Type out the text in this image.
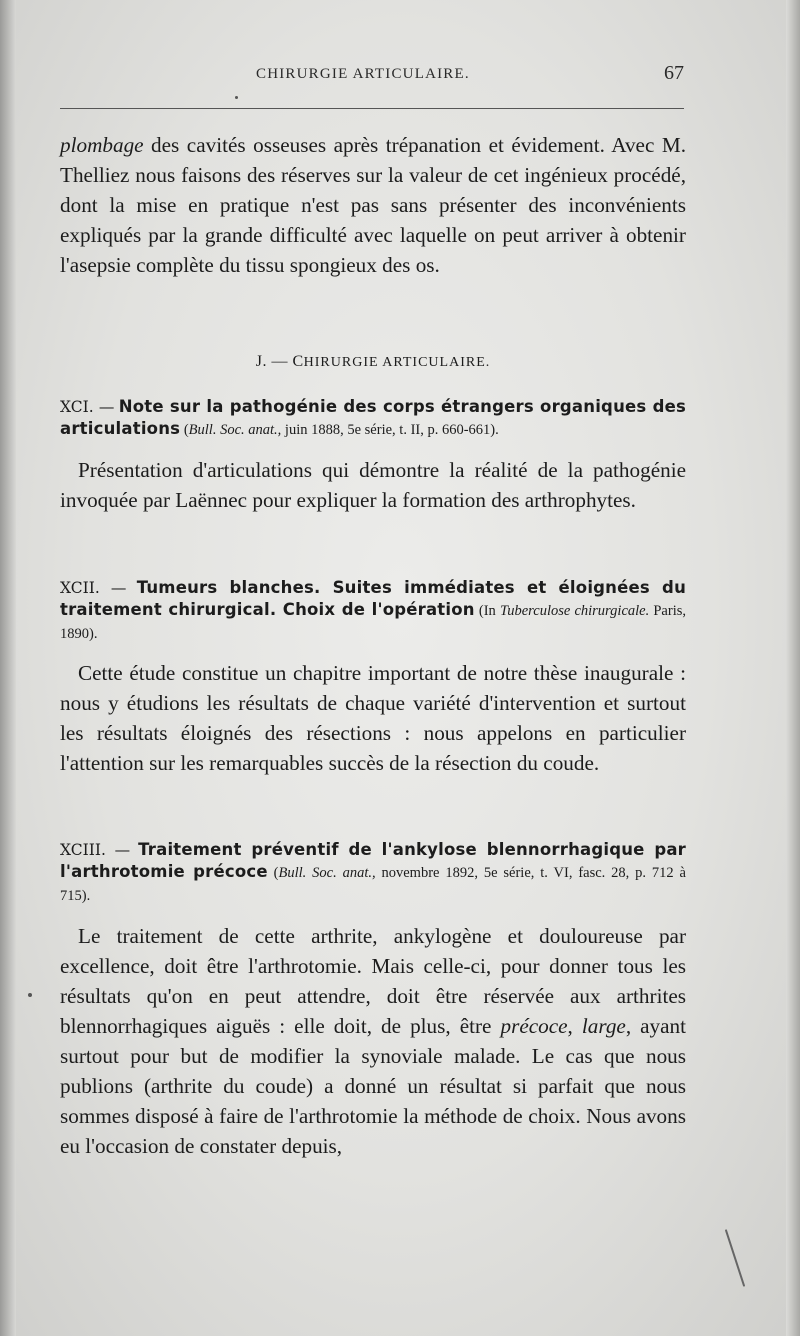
CHIRURGIE ARTICULAIRE.	67

plombage des cavités osseuses après trépanation et évidement. Avec M. Thelliez nous faisons des réserves sur la valeur de cet ingénieux procédé, dont la mise en pratique n'est pas sans présenter des inconvénients expliqués par la grande difficulté avec laquelle on peut arriver à obtenir l'asepsie complète du tissu spongieux des os.

J. — CHIRURGIE ARTICULAIRE.
XCI. — Note sur la pathogénie des corps étrangers organiques des articulations (Bull. Soc. anat., juin 1888, 5e série, t. II, p. 660-661).

Présentation d'articulations qui démontre la réalité de la pathogénie invoquée par Laënnec pour expliquer la formation des arthrophytes.

XCII. — Tumeurs blanches. Suites immédiates et éloignées du traitement chirurgical. Choix de l'opération (In Tuberculose chirurgicale. Paris, 1890).

Cette étude constitue un chapitre important de notre thèse inaugurale : nous y étudions les résultats de chaque variété d'intervention et surtout les résultats éloignés des résections : nous appelons en particulier l'attention sur les remarquables succès de la résection du coude.

XCIII. — Traitement préventif de l'ankylose blennorrhagique par l'arthrotomie précoce (Bull. Soc. anat., novembre 1892, 5e série, t. VI, fasc. 28, p. 712 à 715).

Le traitement de cette arthrite, ankylogène et douloureuse par excellence, doit être l'arthrotomie. Mais celle-ci, pour donner tous les résultats qu'on en peut attendre, doit être réservée aux arthrites blennorrhagiques aiguës : elle doit, de plus, être précoce, large, ayant surtout pour but de modifier la synoviale malade. Le cas que nous publions (arthrite du coude) a donné un résultat si parfait que nous sommes disposé à faire de l'arthrotomie la méthode de choix. Nous avons eu l'occasion de constater depuis,
